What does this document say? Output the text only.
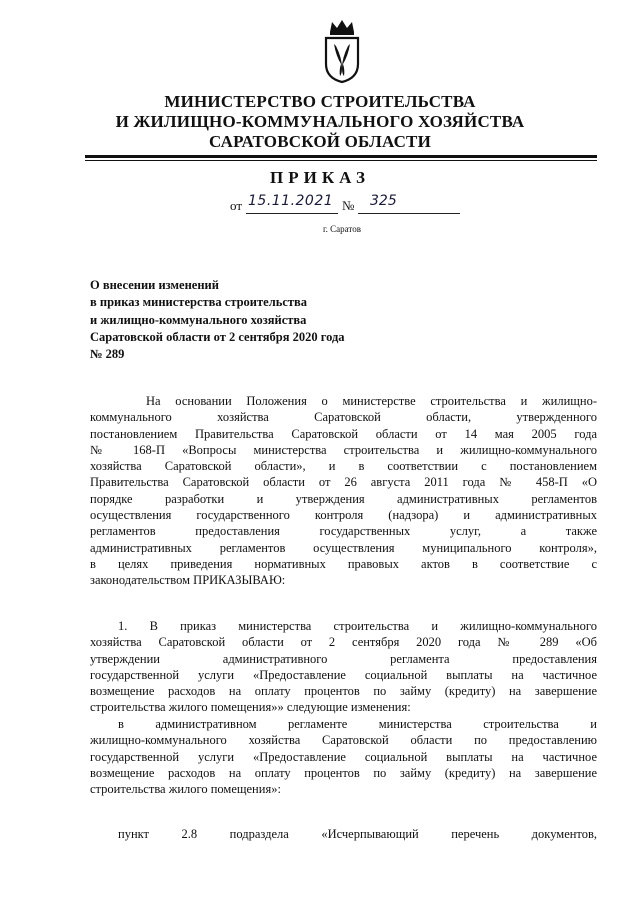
МИНИСТЕРСТВО СТРОИТЕЛЬСТВА
И ЖИЛИЩНО-КОММУНАЛЬНОГО ХОЗЯЙСТВА
САРАТОВСКОЙ ОБЛАСТИ
ПРИКАЗ
от 15.11.2021 № 325
г. Саратов
О внесении изменений
в приказ министерства строительства
и жилищно-коммунального хозяйства
Саратовской области от 2 сентября 2020 года
№ 289
На основании Положения о министерстве строительства и жилищно-
коммунального хозяйства Саратовской области, утвержденного
постановлением Правительства Саратовской области от 14 мая 2005 года
№ 168-П «Вопросы министерства строительства и жилищно-коммунального
хозяйства Саратовской области», и в соответствии с постановлением
Правительства Саратовской области от 26 августа 2011 года № 458-П «О
порядке разработки и утверждения административных регламентов
осуществления государственного контроля (надзора) и административных
регламентов предоставления государственных услуг, а также
административных регламентов осуществления муниципального контроля»,
в целях приведения нормативных правовых актов в соответствие с
законодательством ПРИКАЗЫВАЮ:
1. В приказ министерства строительства и жилищно-коммунального
хозяйства Саратовской области от 2 сентября 2020 года № 289 «Об
утверждении административного регламента предоставления
государственной услуги «Предоставление социальной выплаты на частичное
возмещение расходов на оплату процентов по займу (кредиту) на завершение
строительства жилого помещения»» следующие изменения:
в административном регламенте министерства строительства и
жилищно-коммунального хозяйства Саратовской области по предоставлению
государственной услуги «Предоставление социальной выплаты на частичное
возмещение расходов на оплату процентов по займу (кредиту) на завершение
строительства жилого помещения»:
пункт 2.8 подраздела «Исчерпывающий перечень документов,
